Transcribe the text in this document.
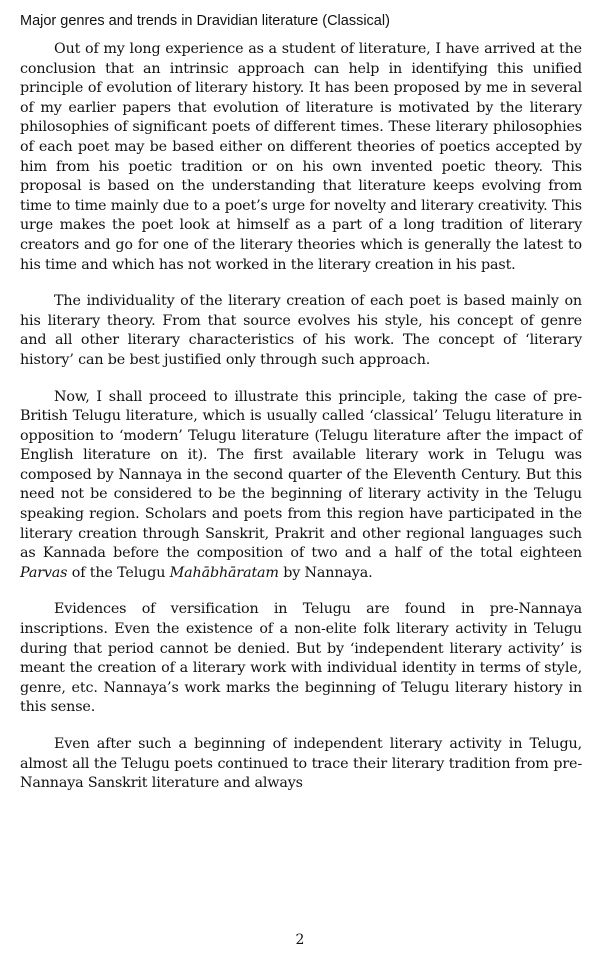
Major genres and trends in Dravidian literature (Classical)

Out of my long experience as a student of literature, I have arrived at the conclusion that an intrinsic approach can help in identifying this unified principle of evolution of literary history. It has been proposed by me in several of my earlier papers that evolution of literature is motivated by the literary philosophies of significant poets of different times. These literary philosophies of each poet may be based either on different theories of poetics accepted by him from his poetic tradition or on his own invented poetic theory. This proposal is based on the understanding that literature keeps evolving from time to time mainly due to a poet’s urge for novelty and literary creativity. This urge makes the poet look at himself as a part of a long tradition of literary creators and go for one of the literary theories which is generally the latest to his time and which has not worked in the literary creation in his past.

The individuality of the literary creation of each poet is based mainly on his literary theory. From that source evolves his style, his concept of genre and all other literary characteristics of his work. The concept of ‘literary history’ can be best justified only through such approach.

Now, I shall proceed to illustrate this principle, taking the case of pre-British Telugu literature, which is usually called ‘classical’ Telugu literature in opposition to ‘modern’ Telugu literature (Telugu literature after the impact of English literature on it). The first available literary work in Telugu was composed by Nannaya in the second quarter of the Eleventh Century. But this need not be considered to be the beginning of literary activity in the Telugu speaking region. Scholars and poets from this region have participated in the literary creation through Sanskrit, Prakrit and other regional languages such as Kannada before the composition of two and a half of the total eighteen Parvas of the Telugu Mahābhāratam by Nannaya.

Evidences of versification in Telugu are found in pre-Nannaya inscriptions. Even the existence of a non-elite folk literary activity in Telugu during that period cannot be denied. But by ‘independent literary activity’ is meant the creation of a literary work with individual identity in terms of style, genre, etc. Nannaya’s work marks the beginning of Telugu literary history in this sense.

Even after such a beginning of independent literary activity in Telugu, almost all the Telugu poets continued to trace their literary tradition from pre-Nannaya Sanskrit literature and always

2
